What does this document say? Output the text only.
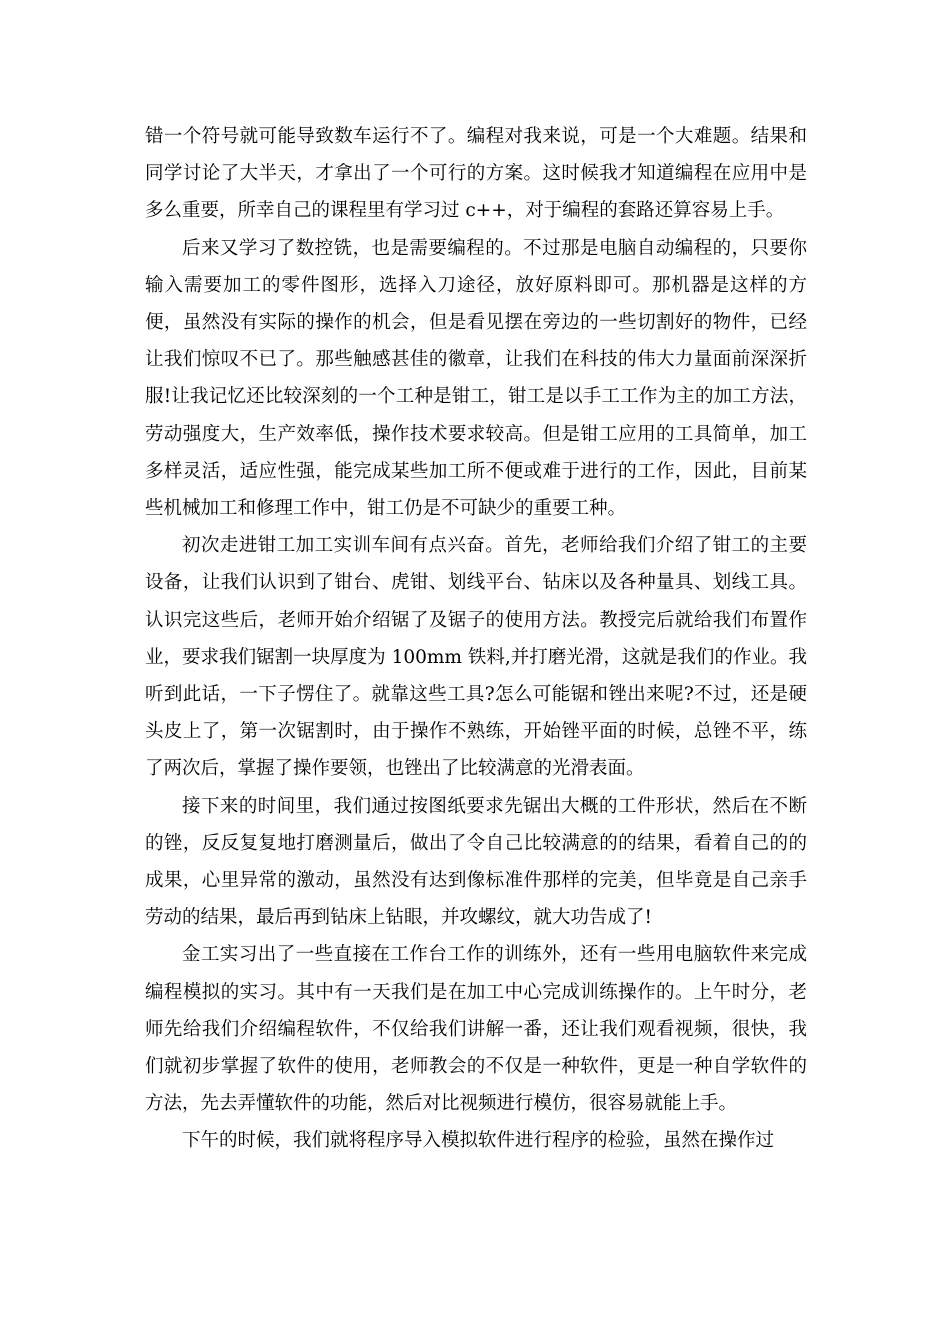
错一个符号就可能导致数车运行不了。编程对我来说，可是一个大难题。结果和同学讨论了大半天，才拿出了一个可行的方案。这时候我才知道编程在应用中是多么重要，所幸自己的课程里有学习过 c++，对于编程的套路还算容易上手。

后来又学习了数控铣，也是需要编程的。不过那是电脑自动编程的，只要你输入需要加工的零件图形，选择入刀途径，放好原料即可。那机器是这样的方便，虽然没有实际的操作的机会，但是看见摆在旁边的一些切割好的物件，已经让我们惊叹不已了。那些触感甚佳的徽章，让我们在科技的伟大力量面前深深折服!让我记忆还比较深刻的一个工种是钳工，钳工是以手工工作为主的加工方法，劳动强度大，生产效率低，操作技术要求较高。但是钳工应用的工具简单，加工多样灵活，适应性强，能完成某些加工所不便或难于进行的工作，因此，目前某些机械加工和修理工作中，钳工仍是不可缺少的重要工种。

初次走进钳工加工实训车间有点兴奋。首先，老师给我们介绍了钳工的主要设备，让我们认识到了钳台、虎钳、划线平台、钻床以及各种量具、划线工具。认识完这些后，老师开始介绍锯了及锯子的使用方法。教授完后就给我们布置作业，要求我们锯割一块厚度为 100mm 铁料,并打磨光滑，这就是我们的作业。我听到此话，一下子愣住了。就靠这些工具?怎么可能锯和锉出来呢?不过，还是硬头皮上了，第一次锯割时，由于操作不熟练，开始锉平面的时候，总锉不平，练了两次后，掌握了操作要领，也锉出了比较满意的光滑表面。

接下来的时间里，我们通过按图纸要求先锯出大概的工件形状，然后在不断的锉，反反复复地打磨测量后，做出了令自己比较满意的的结果，看着自己的的成果，心里异常的激动，虽然没有达到像标准件那样的完美，但毕竟是自己亲手劳动的结果，最后再到钻床上钻眼，并攻螺纹，就大功告成了!

金工实习出了一些直接在工作台工作的训练外，还有一些用电脑软件来完成编程模拟的实习。其中有一天我们是在加工中心完成训练操作的。上午时分，老师先给我们介绍编程软件，不仅给我们讲解一番，还让我们观看视频，很快，我们就初步掌握了软件的使用，老师教会的不仅是一种软件，更是一种自学软件的方法，先去弄懂软件的功能，然后对比视频进行模仿，很容易就能上手。

下午的时候，我们就将程序导入模拟软件进行程序的检验，虽然在操作过
